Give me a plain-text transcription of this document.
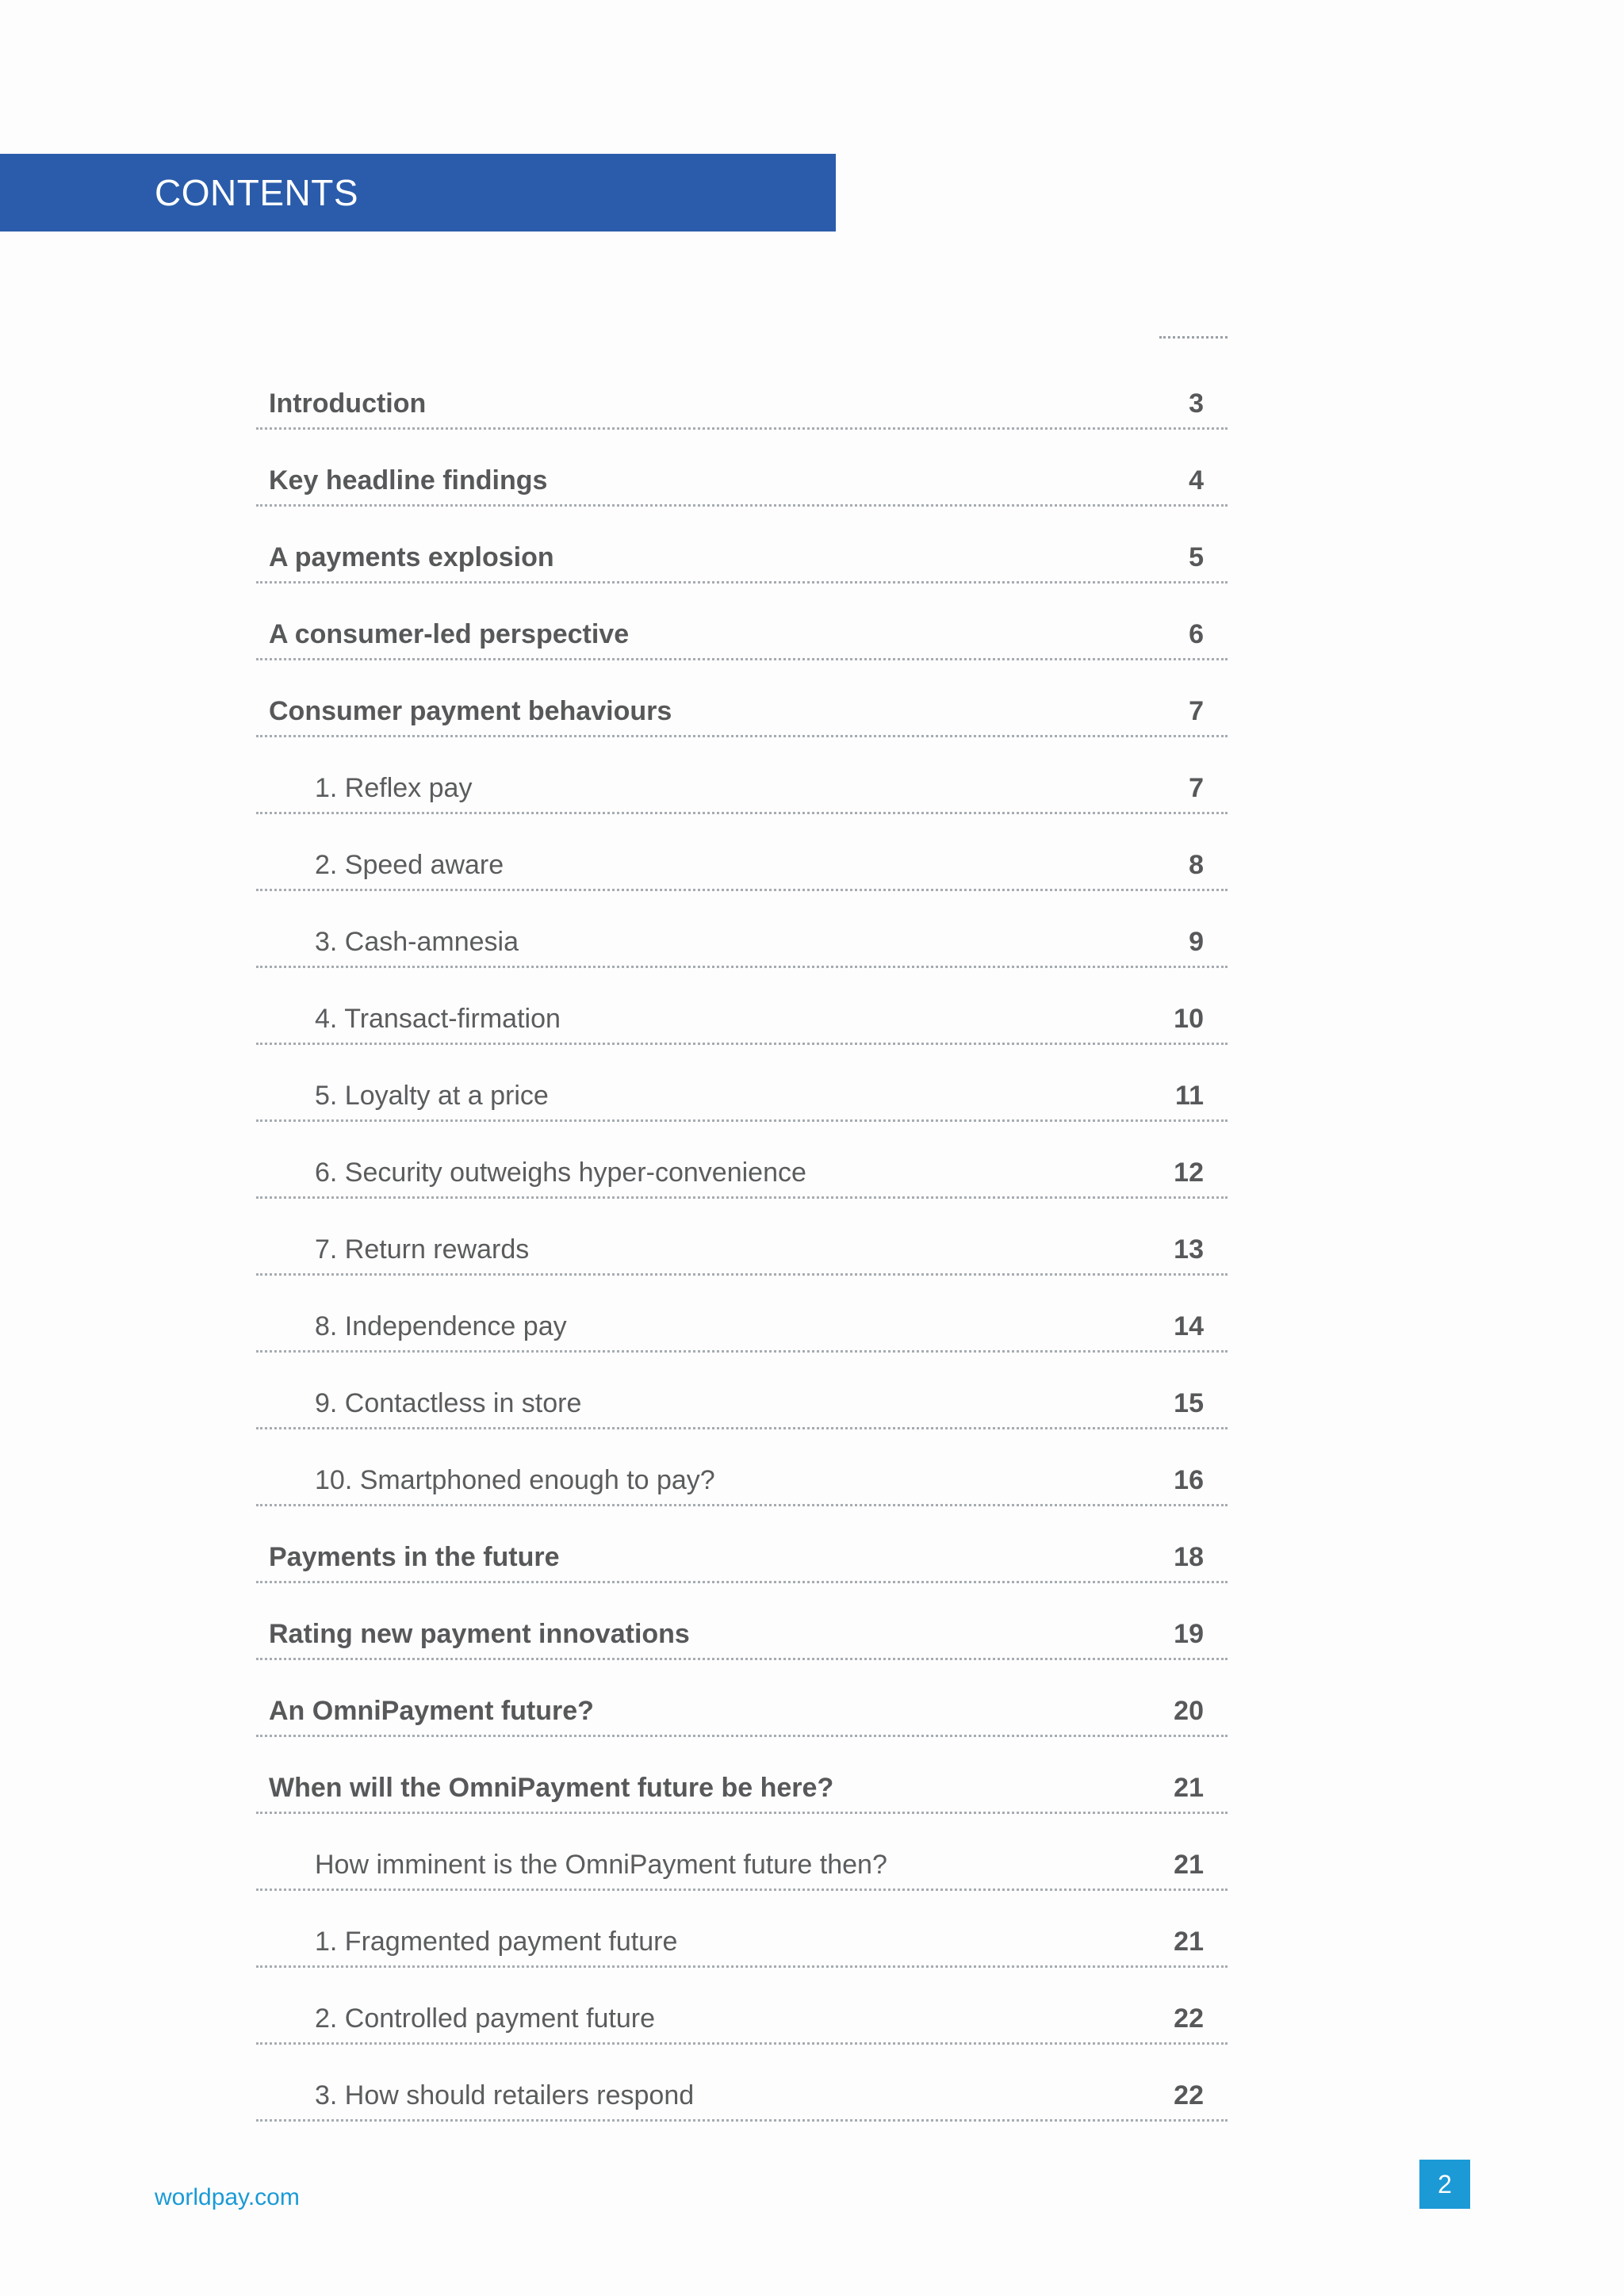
CONTENTS
Introduction	3
Key headline findings	4
A payments explosion	5
A consumer-led perspective	6
Consumer payment behaviours	7
1. Reflex pay	7
2. Speed aware	8
3. Cash-amnesia	9
4. Transact-firmation	10
5. Loyalty at a price	11
6. Security outweighs hyper-convenience	12
7. Return rewards	13
8. Independence pay	14
9. Contactless in store	15
10. Smartphoned enough to pay?	16
Payments in the future	18
Rating new payment innovations	19
An OmniPayment future?	20
When will the OmniPayment future be here?	21
How imminent is the OmniPayment future then?	21
1. Fragmented payment future	21
2. Controlled payment future	22
3. How should retailers respond	22
worldpay.com	2
